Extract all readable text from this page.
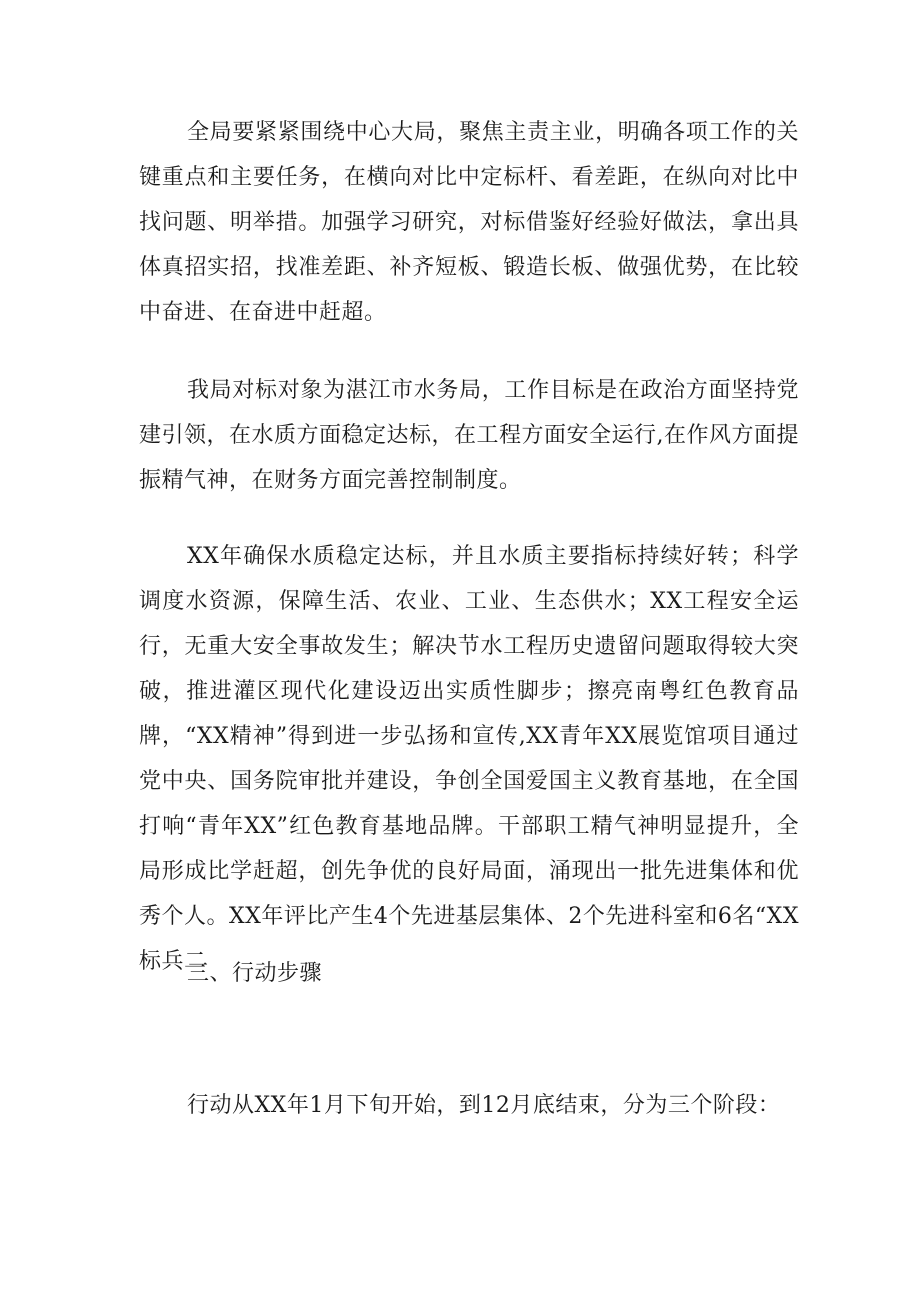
全局要紧紧围绕中心大局，聚焦主责主业，明确各项工作的关键重点和主要任务，在横向对比中定标杆、看差距，在纵向对比中找问题、明举措。加强学习研究，对标借鉴好经验好做法，拿出具体真招实招，找准差距、补齐短板、锻造长板、做强优势，在比较中奋进、在奋进中赶超。

我局对标对象为湛江市水务局，工作目标是在政治方面坚持党建引领，在水质方面稳定达标，在工程方面安全运行,在作风方面提振精气神，在财务方面完善控制制度。

XX年确保水质稳定达标，并且水质主要指标持续好转；科学调度水资源，保障生活、农业、工业、生态供水；XX工程安全运行，无重大安全事故发生；解决节水工程历史遗留问题取得较大突破，推进灌区现代化建设迈出实质性脚步；擦亮南粤红色教育品牌，“XX精神”得到进一步弘扬和宣传,XX青年XX展览馆项目通过党中央、国务院审批并建设，争创全国爱国主义教育基地，在全国打响“青年XX”红色教育基地品牌。干部职工精气神明显提升，全局形成比学赶超，创先争优的良好局面，涌现出一批先进集体和优秀个人。XX年评比产生4个先进基层集体、2个先进科室和6名“XX标兵二

三、行动步骤

行动从XX年1月下旬开始，到12月底结束，分为三个阶段：
